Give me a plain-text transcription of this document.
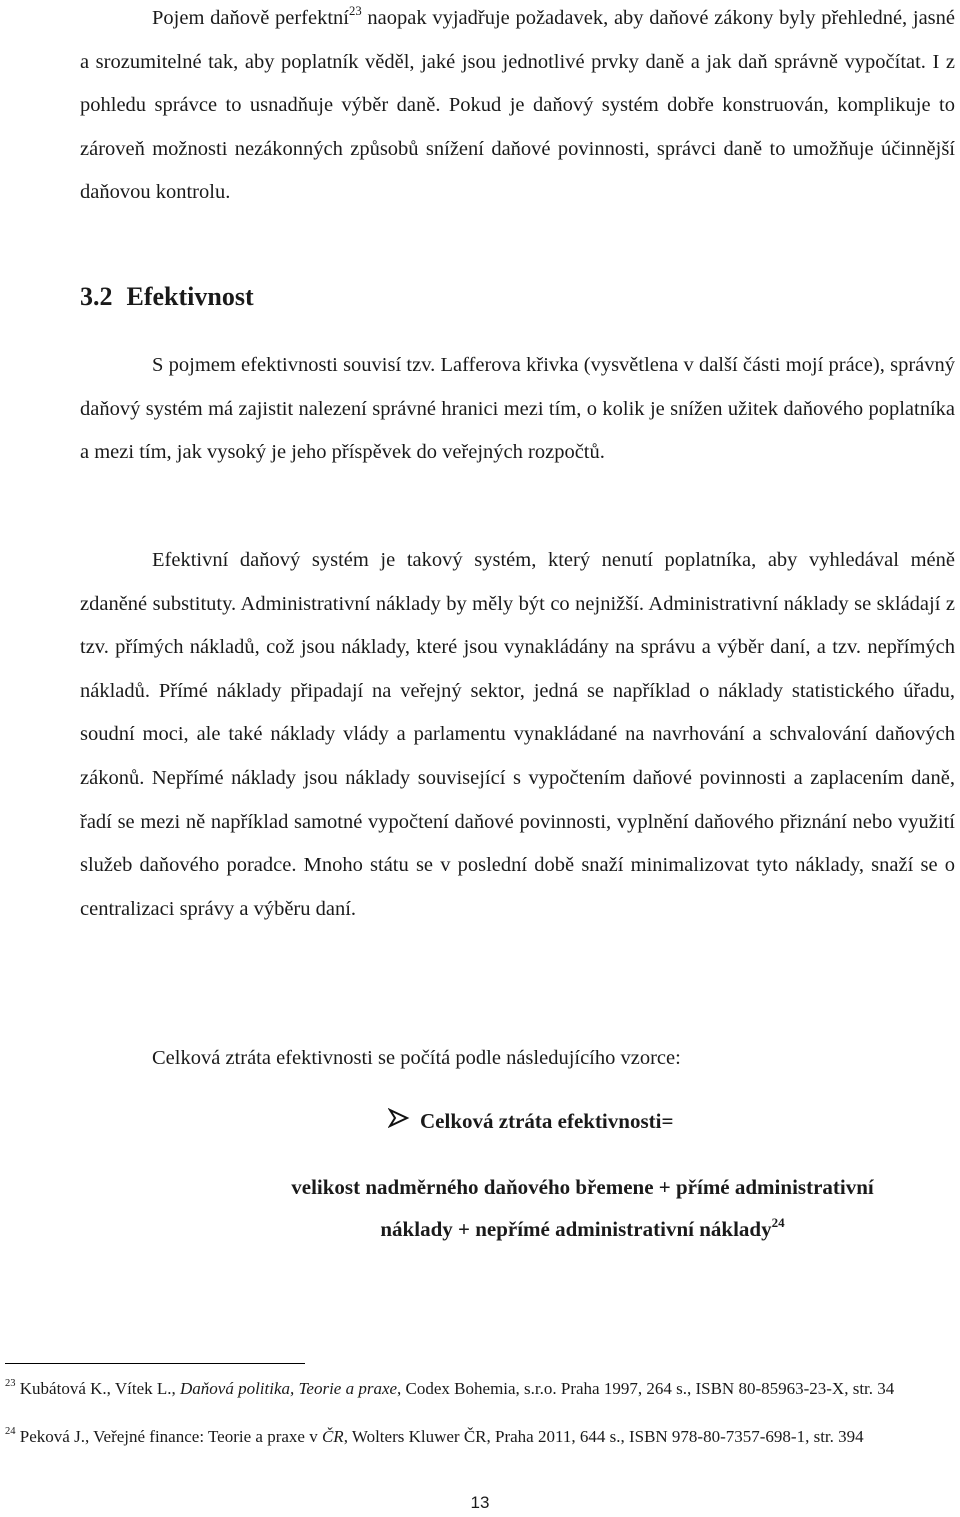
Pojem daňově perfektní$^{23}$ naopak vyjadřuje požadavek, aby daňové zákony byly přehledné, jasné a srozumitelné tak, aby poplatník věděl, jaké jsou jednotlivé prvky daně a jak daň správně vypočítat. I z pohledu správce to usnadňuje výběr daně. Pokud je daňový systém dobře konstruován, komplikuje to zároveň možnosti nezákonných způsobů snížení daňové povinnosti, správci daně to umožňuje účinnější daňovou kontrolu.

3.2 Efektivnost

S pojmem efektivnosti souvisí tzv. Lafferova křivka (vysvětlena v další části mojí práce), správný daňový systém má zajistit nalezení správné hranici mezi tím, o kolik je snížen užitek daňového poplatníka a mezi tím, jak vysoký je jeho příspěvek do veřejných rozpočtů.

Efektivní daňový systém je takový systém, který nenutí poplatníka, aby vyhledával méně zdaněné substituty. Administrativní náklady by měly být co nejnižší. Administrativní náklady se skládají z tzv. přímých nákladů, což jsou náklady, které jsou vynakládány na správu a výběr daní, a tzv. nepřímých nákladů. Přímé náklady připadají na veřejný sektor, jedná se například o náklady statistického úřadu, soudní moci, ale také náklady vlády a parlamentu vynakládané na navrhování a schvalování daňových zákonů. Nepřímé náklady jsou náklady související s vypočtením daňové povinnosti a zaplacením daně, řadí se mezi ně například samotné vypočtení daňové povinnosti, vyplnění daňového přiznání nebo využití služeb daňového poradce. Mnoho státu se v poslední době snaží minimalizovat tyto náklady, snaží se o centralizaci správy a výběru daní.

Celková ztráta efektivnosti se počítá podle následujícího vzorce:

Celková ztráta efektivnosti=

velikost nadměrného daňového břemene + přímé administrativní

náklady + nepřímé administrativní náklady$^{24}$

$^{23}$ Kubátová K., Vítek L., Daňová politika, Teorie a praxe, Codex Bohemia, s.r.o. Praha 1997, 264 s., ISBN 80-85963-23-X, str. 34

$^{24}$ Peková J., Veřejné finance: Teorie a praxe v ČR, Wolters Kluwer ČR, Praha 2011, 644 s., ISBN 978-80-7357-698-1, str. 394

13
